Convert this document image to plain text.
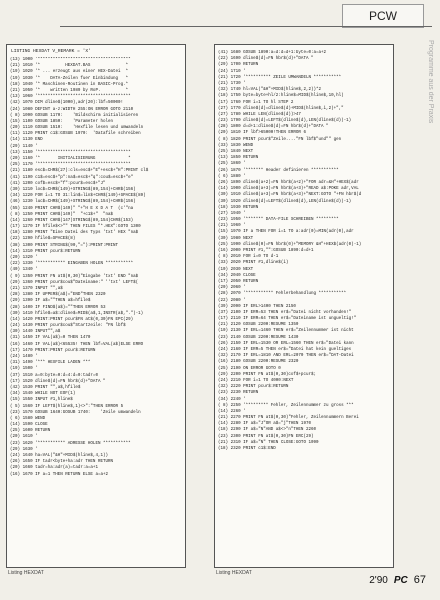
PCW
Programme aus der Praxis
LISTING HEXDAT V_REMARK = 'X'
(13) 1000 '*************************************
(21) 1010 '*          HEXDAT.BAS              *
(19) 1020 '* ... erzeugt aus einer HEX-Datei  *
(19) 1030 '*    DATA-Zeilen fuer Einbindung   *
(18) 1040 '* Maschinen-Routinen in BASIC-Prog.*
(21) 1050 '*    written 1989 by RoP.          *
(13) 1060 '*************************************
(42) 1070 DIM dline$(1000),adr(20):lbf=50000!
(24) 1080 DEFINT a-z:WIDTH 255:ON ERROR GOTO 2110
( 8) 1090 GOSUB 1170:    'Bildschirm initialisieren
(15) 1100 GOSUB 1850:    'Parameter holen
(20) 1110 GOSUB 1510:    'Hexfile lesen und umwandeln
(11) 1120 PRINT c1$:GOSUB 1970:  'Datafile schreiben
(14) 1130 END
(29) 1140 '
(13) 1150 '*************************************
(20) 1160 '*       INITIALISIERUNG             *
(25) 1170 '*************************************
(21) 1180 esc$=CHR$(27):cls=esc$+"E"+esc$+"H":PRINT cl$
(41) 1190 c1$=esc$+"p":na$=esc$+"q":cou$=esc$+"e"
(41) 1200 cof$=esc$+"f":pcur$=esc$+"J"
(30) 1210 loc$=CHR$(149)+STRING$(89,154)+CHR$(156)
(34) 1220 FOR i=1 TO 31:lin$=lin$+CHR$(149)+SPACE$(89)
(46) 1230 luc$=CHR$(149)+STRING$(89,154)+CHR$(156)
(55) 1240 PRINT CHR$(149)" "+"H E X D A T  (c'"na
( 8) 1250 PRINT CHR$(149)"  "+c1$+"  "na$
(14) 1260 PRINT CHR$(147)STRING$(89,154)CHR$(153)
(17) 1270 IF hfile$<>"" THEN FILES "*.HEX":GOTO 1300
(18) 1280 PRINT "Eine Datei des Typs 'txt' HEX "na$
(22) 1290 hfile$=SPACE$(8)
(38) 1300 PRINT STRING$(90,"="):PRINT:PRINT
(14) 1310 PRINT pcur$:RETURN
(20) 1320 '
(22) 1330 '*********** EINGABEN HOLEN ***********
(40) 1340 '
( 9) 1350 PRINT FN at$(0,30)"Eingabe 'txt' END "na$
(29) 1360 PRINT pcur$cou$"Dateiname:" ''txt' LEFT$(
(21) 1370 INPUT "",a$
(28) 1380 IF UPPER$(a$)="END"THEN 2320
(29) 1390 IF a$=""THEN a$=hfile$
(28) 1400 IF FIND$(a$)=""THEN ERROR 53
(30) 1410 hfile$=a$:dline$=MID$(a$,1,INSTR(a$,".")-1)
(14) 1420 PRINT:PRINT pcur$FN at$(0,30)FN EPC(29)
(24) 1430 PRINT pcur$cou$"Startzeile: "FN lbf$
(30) 1440 INPUT"",a$
(31) 1450 IF VAL(a$)=0 THEN 1470
(16) 1460 IF VAL(a$)<65535! THEN lbf=VAL(a$)ELSE ERRO
(17) 1470 PRINT:PRINT pcur$:RETURN
(24) 1480 '
(31) 1490 '*** HEXFILE LADEN ***
(19) 1500 '
(37) 1510 a=0:byte=0:d=4:d=0:tadr=0
(17) 1520 dline$(d)=FN hbr$(d)+"DATA "
(42) 1530 PRINT "",a$,hfile$
(34) 1540 WHILE NOT EOF(1)
(15) 1550 INPUT #1,hline$
( 5) 1560 IF LEFT$(hline$,1)<>":"THEN ERROR 5
(23) 1570 GOSUB 1640:GOSUB 1740:    'Zeile umwandeln
( 6) 1580 WEND
(14) 1590 CLOSE
(25) 1600 RETURN
(20) 1610 '
(23) 1620 '*********** ADRESSE HOLEN ***********
(29) 1630 '
(24) 1640 ha=VAL("&H"+MID$(hline$,4,1))
(26) 1650 IF tadr<byte+ha:adr THEN RETURN
(20) 1660 tadr=ha:adr(a)=tadr:a=a+1
(16) 1670 IF a=1 THEN RETURN ELSE a=a+2
(41) 1680 GOSUB 1890:a=d:d=d+1:byte=0:a=a+2
(22) 1690 dline$(d)=FN hbr$(d)+"DATA "
(29) 1700 RETURN
(24) 1710 '
(21) 1720 '********** ZEILE UMWANDELN ***********
(21) 1730 '
(32) 1740 hl=VAL("&H"+MID$(hline$,2,2))*2
(18) 1750 byte=byte+hl/2:hline$=MID$(hline$,10,hl)
(17) 1760 FOR i=1 TO hl STEP 2
(27) 1770 dline$(d)=dline$(d)+MID$(hline$,i,2)+","
(27) 1780 WHILE LEN(dline$(d))>47
(23) 1790 dline$(d)=LEFT$(dline$(d),LEN(dline$(d))-1)
(28) 1800 d=d+1:dline$(d)=FN hbr$(d)+"DATA "
(20) 1810 IF lbf>65000!THEN ERROR 6
( 8) 1820 PRINT pcur$"Zeile...."FN lbf$"und"" gen
(33) 1830 WEND
(25) 1840 NEXT
(13) 1850 RETURN
(25) 1860 '
(26) 1870 '******* Header definieren ***********
( 6) 1880 '
(26) 1890 dline$(a+2)=FN hbr$(a+2)+"FOR adr=&H"+HEX$(adr
(14) 1900 dline$(a+3)=FN hbr$(a+3)+"READ a$:POKE adr,VAL
(30) 1910 dline$(a+3)=FN hbr$(a+3)+"NEXT:GOTO "+FN hbr$(d
(30) 1920 dline$(d)=LEFT$(dline$(d),LEN(dline$(d))-1)
(18) 1930 RETURN
(27) 1940 '
(23) 1950 '******* DATA-FILE SCHREIBEN *********
(21) 1960 '
(15) 1970 IF a THEN FOR i=1 TO a:adr(0)=MIN(adr(0),adr
(30) 1980 NEXT
(25) 1990 dline$(0)=FN hbr$(0)+"MEMORY &H"+HEX$(adr(0)-1)
(16) 2000 PRINT #1,"":GOSUB 1890:d=d+1
( 8) 2010 FOR i=0 TO d-1
(33) 2020 PRINT #1,dline$(i)
(10) 2030 NEXT
(34) 2040 CLOSE
(17) 2050 RETURN
(20) 2060 '
(28) 2070 '*********** Fehlerbehandlung ***********
(22) 2080 '
(39) 2090 IF ERL>1400 THEN 2150
(37) 2100 IF ERR=53 THEN er$="Datei nicht vorhanden!"
(17) 2110 IF ERR=64 THEN er$="Dateiname ist ungueltig!"
(21) 2120 GOSUB 2200:RESUME 1350
(10) 2130 IF ERL=1460 THEN er$="Zeilennummer ist nicht
(23) 2140 GOSUB 2200:RESUME 1430
(26) 2150 IF ERL=1530 OR ERL=1560 THEN er$="Datei kann
(24) 2160 IF ERR=5 THEN er$="Datei hat kein gueltiges
(32) 2170 IF ERL=1810 AND ERL=2070 THEN er$="DAT-Datei
(16) 2180 GOSUB 2200:RESUME 2320
(25) 2190 ON ERROR GOTO 0
(29) 2200 PRINT FN at$(0,30)cof$+pcur$;
(24) 2210 FOR i=1 TO 4000:NEXT
(32) 2220 PRINT pcur$:RETURN
(23) 2230 RETURN
(34) 2240 '
( 8) 2250 '********* Fehler, Zeilennummer zu gross ***
(14) 2260 '
(21) 2270 PRINT FN at$(0,30)"Fehler, Zeilennummern Berei
(14) 2280 IF a$="J"OR a$="j"THEN 1970
(18) 2290 IF a$="N"AND a$<>"n"THEN 2260
(23) 2300 PRINT FN at$(0,30)FN ERC(29)
(21) 2310 IF a$="N" THEN CLOSE:GOTO 1090
(18) 2320 PRINT c1$:END
Listing HEXDAT	Listing HEXDAT
2'90 PC 67
